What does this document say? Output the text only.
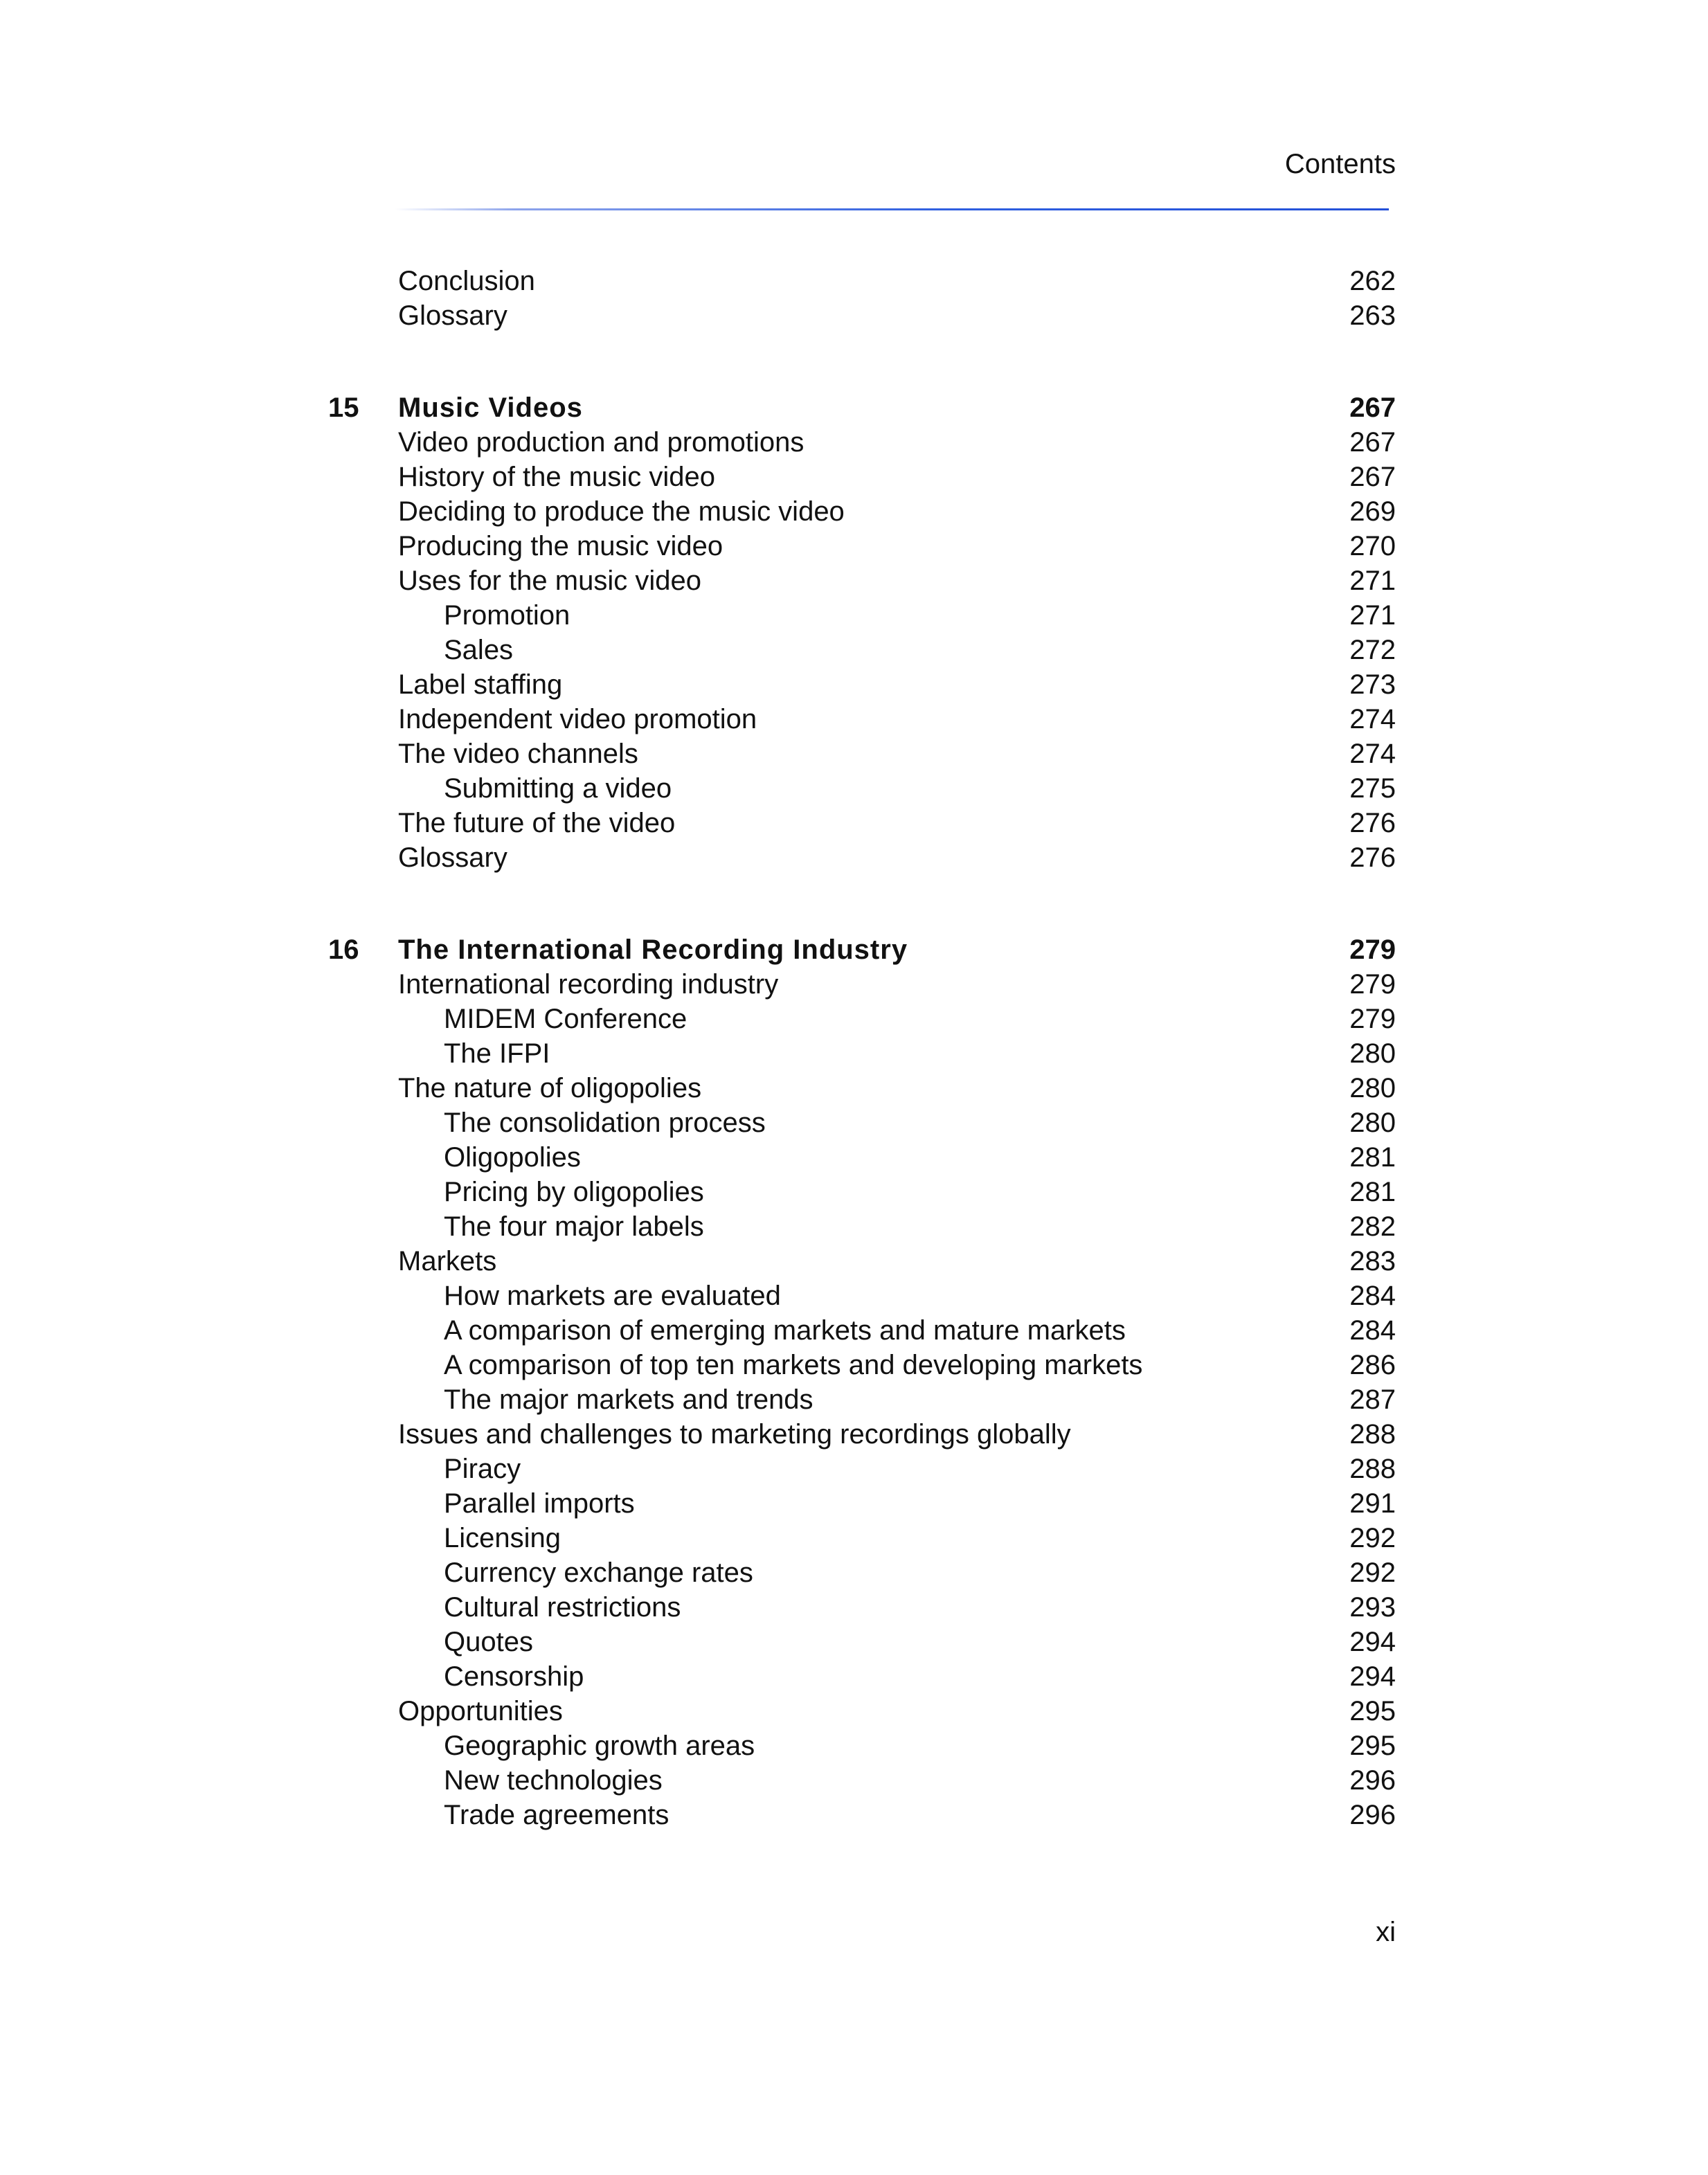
Contents
Conclusion	262
Glossary	263
15	Music Videos	267
Video production and promotions	267
History of the music video	267
Deciding to produce the music video	269
Producing the music video	270
Uses for the music video	271
Promotion	271
Sales	272
Label staffing	273
Independent video promotion	274
The video channels	274
Submitting a video	275
The future of the video	276
Glossary	276
16	The International Recording Industry	279
International recording industry	279
MIDEM Conference	279
The IFPI	280
The nature of oligopolies	280
The consolidation process	280
Oligopolies	281
Pricing by oligopolies	281
The four major labels	282
Markets	283
How markets are evaluated	284
A comparison of emerging markets and mature markets	284
A comparison of top ten markets and developing markets	286
The major markets and trends	287
Issues and challenges to marketing recordings globally	288
Piracy	288
Parallel imports	291
Licensing	292
Currency exchange rates	292
Cultural restrictions	293
Quotes	294
Censorship	294
Opportunities	295
Geographic growth areas	295
New technologies	296
Trade agreements	296
xi
